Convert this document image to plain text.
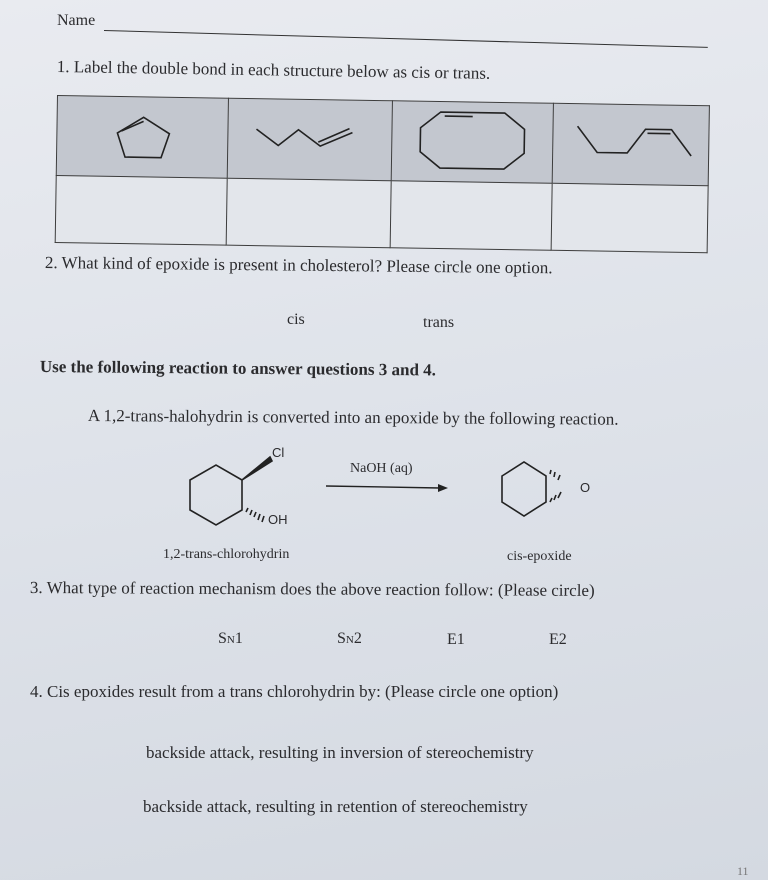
Name
1. Label the double bond in each structure below as cis or trans.

2. What kind of epoxide is present in cholesterol? Please circle one option.
cis	trans
Use the following reaction to answer questions 3 and 4.
A 1,2-trans-halohydrin is converted into an epoxide by the following reaction.
Cl
OH
NaOH (aq)
O
1,2-trans-chlorohydrin	cis-epoxide
3. What type of reaction mechanism does the above reaction follow: (Please circle)
SN1	SN2	E1	E2
4. Cis epoxides result from a trans chlorohydrin by: (Please circle one option)
backside attack, resulting in inversion of stereochemistry
backside attack, resulting in retention of stereochemistry
11
